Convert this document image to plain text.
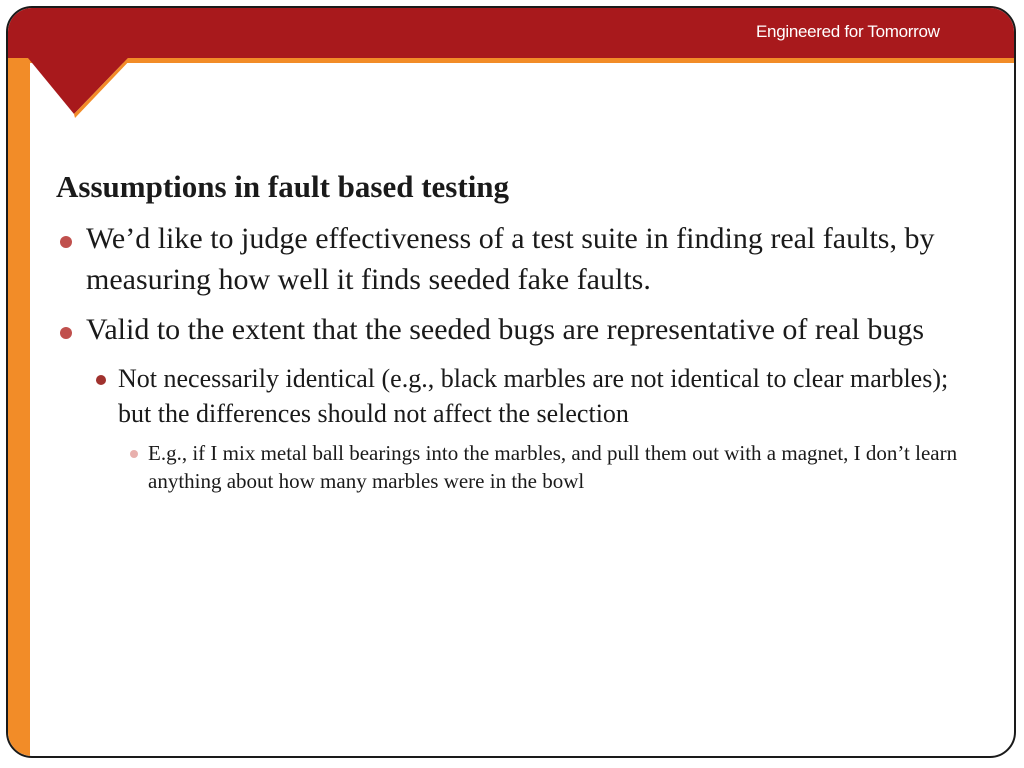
Engineered for Tomorrow
Assumptions in fault based testing
We’d like to judge effectiveness of a test suite in finding real faults, by measuring how well it finds seeded fake faults.
Valid to the extent that the seeded bugs are representative of real bugs
Not necessarily identical (e.g., black marbles are not identical to clear marbles); but the differences should not affect the selection
E.g., if I mix metal ball bearings into the marbles, and pull them out with a magnet, I don’t learn anything about how many marbles were in the bowl
